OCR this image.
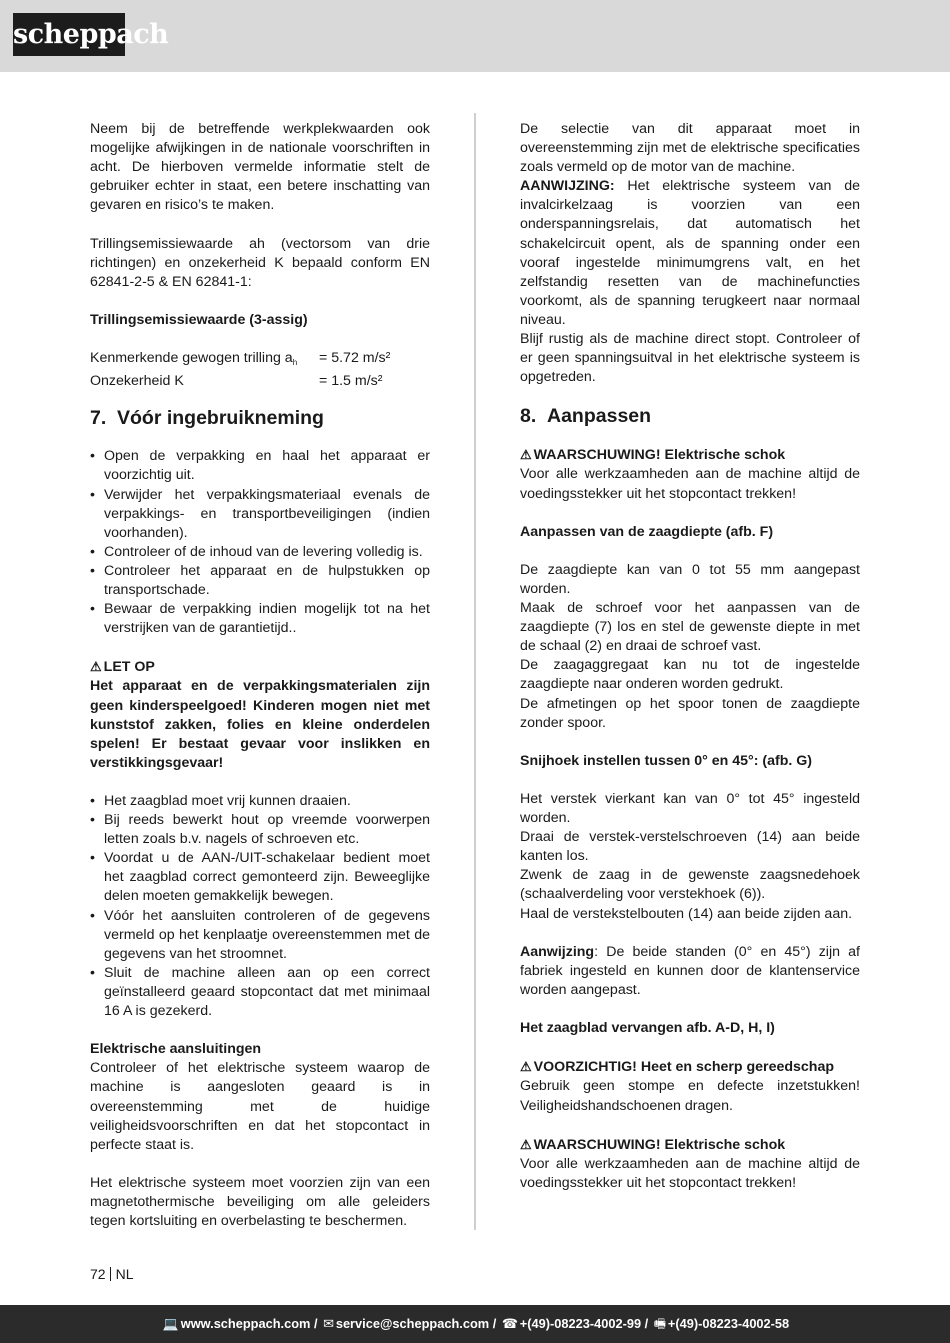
scheppach

Neem bij de betreffende werkplekwaarden ook mogelijke afwijkingen in de nationale voorschriften in acht. De hierboven vermelde informatie stelt de gebruiker echter in staat, een betere inschatting van gevaren en risico’s te maken.

Trillingsemissiewaarde ah (vectorsom van drie richtingen) en onzekerheid K bepaald conform EN 62841-2-5 & EN 62841-1:

Trillingsemissiewaarde (3-assig)

Kenmerkende gewogen trilling $a_h$	= 5.72 m/s²
Onzekerheid K	= 1.5 m/s²
7. Vóór ingebruikneming
• Open de verpakking en haal het apparaat er voorzichtig uit.
• Verwijder het verpakkingsmateriaal evenals de verpakkings- en transportbeveiligingen (indien voorhanden).
• Controleer of de inhoud van de levering volledig is.
• Controleer het apparaat en de hulpstukken op transportschade.
• Bewaar de verpakking indien mogelijk tot na het verstrijken van de garantietijd..

⚠ LET OP

Het apparaat en de verpakkingsmaterialen zijn geen kinderspeelgoed! Kinderen mogen niet met kunststof zakken, folies en kleine onderdelen spelen! Er bestaat gevaar voor inslikken en verstikkingsgevaar!

• Het zaagblad moet vrij kunnen draaien.
• Bij reeds bewerkt hout op vreemde voorwerpen letten zoals b.v. nagels of schroeven etc.
• Voordat u de AAN-/UIT-schakelaar bedient moet het zaagblad correct gemonteerd zijn. Beweeglijke delen moeten gemakkelijk bewegen.
• Vóór het aansluiten controleren of de gegevens vermeld op het kenplaatje overeenstemmen met de gegevens van het stroomnet.
• Sluit de machine alleen aan op een correct geïnstalleerd geaard stopcontact dat met minimaal 16 A is gezekerd.

Elektrische aansluitingen

Controleer of het elektrische systeem waarop de machine is aangesloten geaard is in overeenstemming met de huidige veiligheidsvoorschriften en dat het stopcontact in perfecte staat is.

Het elektrische systeem moet voorzien zijn van een magnetothermische beveiliging om alle geleiders tegen kortsluiting en overbelasting te beschermen.

De selectie van dit apparaat moet in overeenstemming zijn met de elektrische specificaties zoals vermeld op de motor van de machine.

AANWIJZING: Het elektrische systeem van de invalcirkelzaag is voorzien van een onderspanningsrelais, dat automatisch het schakelcircuit opent, als de spanning onder een vooraf ingestelde minimumgrens valt, en het zelfstandig resetten van de machinefuncties voorkomt, als de spanning terugkeert naar normaal niveau.

Blijf rustig als de machine direct stopt. Controleer of er geen spanningsuitval in het elektrische systeem is opgetreden.

8. Aanpassen

⚠ WAARSCHUWING! Elektrische schok

Voor alle werkzaamheden aan de machine altijd de voedingsstekker uit het stopcontact trekken!

Aanpassen van de zaagdiepte (afb. F)

De zaagdiepte kan van 0 tot 55 mm aangepast worden.

Maak de schroef voor het aanpassen van de zaagdiepte (7) los en stel de gewenste diepte in met de schaal (2) en draai de schroef vast.

De zaagaggregaat kan nu tot de ingestelde zaagdiepte naar onderen worden gedrukt.

De afmetingen op het spoor tonen de zaagdiepte zonder spoor.

Snijhoek instellen tussen 0° en 45°: (afb. G)

Het verstek vierkant kan van 0° tot 45° ingesteld worden.

Draai de verstek-verstelschroeven (14) aan beide kanten los.

Zwenk de zaag in de gewenste zaagsnedehoek (schaalverdeling voor verstekhoek (6)).

Haal de verstekstelbouten (14) aan beide zijden aan.

Aanwijzing: De beide standen (0° en 45°) zijn af fabriek ingesteld en kunnen door de klantenservice worden aangepast.

Het zaagblad vervangen afb. A-D, H, I)

⚠ VOORZICHTIG! Heet en scherp gereedschap

Gebruik geen stompe en defecte inzetstukken! Veiligheidshandschoenen dragen.

⚠ WAARSCHUWING! Elektrische schok

Voor alle werkzaamheden aan de machine altijd de voedingsstekker uit het stopcontact trekken!

72 NL
💻 www.scheppach.com / ✉ service@scheppach.com / ☎ +(49)-08223-4002-99 / 🖷 +(49)-08223-4002-58
